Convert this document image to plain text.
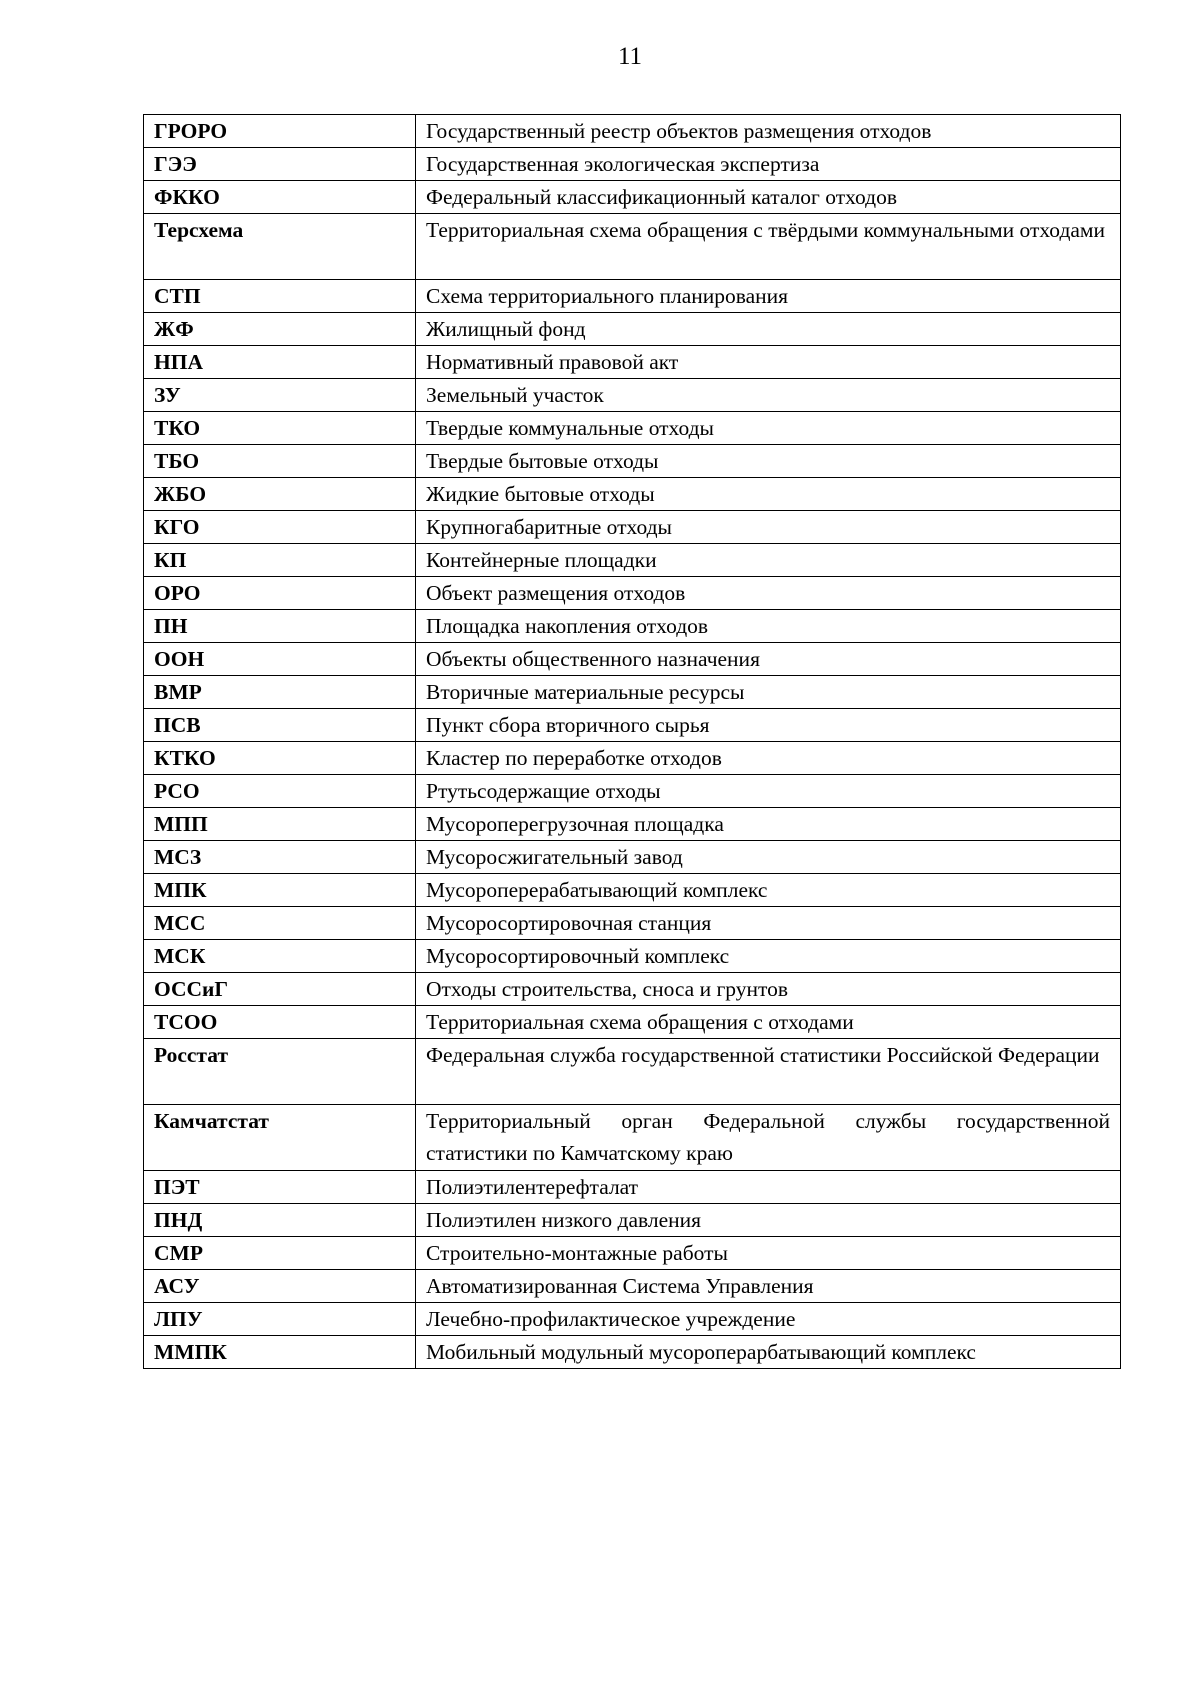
11
ГРОРО	Государственный реестр объектов размещения отходов
ГЭЭ	Государственная экологическая экспертиза
ФККО	Федеральный классификационный каталог отходов
Терсхема	Территориальная схема обращения с твёрдыми коммунальными отходами
СТП	Схема территориального планирования
ЖФ	Жилищный фонд
НПА	Нормативный правовой акт
ЗУ	Земельный участок
ТКО	Твердые коммунальные отходы
ТБО	Твердые бытовые отходы
ЖБО	Жидкие бытовые отходы
КГО	Крупногабаритные отходы
КП	Контейнерные площадки
ОРО	Объект размещения отходов
ПН	Площадка накопления отходов
ООН	Объекты общественного назначения
ВМР	Вторичные материальные ресурсы
ПСВ	Пункт сбора вторичного сырья
КТКО	Кластер по переработке отходов
РСО	Ртутьсодержащие отходы
МПП	Мусороперегрузочная площадка
МСЗ	Мусоросжигательный завод
МПК	Мусороперерабатывающий комплекс
МСС	Мусоросортировочная станция
МСК	Мусоросортировочный комплекс
ОССиГ	Отходы строительства, сноса и грунтов
ТСОО	Территориальная схема обращения с отходами
Росстат	Федеральная служба государственной статистики Российской Федерации
Камчатстат	Территориальный орган Федеральной службы государственной статистики по Камчатскому краю
ПЭТ	Полиэтилентерефталат
ПНД	Полиэтилен низкого давления
СМР	Строительно-монтажные работы
АСУ	Автоматизированная Система Управления
ЛПУ	Лечебно-профилактическое учреждение
ММПК	Мобильный модульный мусороперарбатывающий комплекс
